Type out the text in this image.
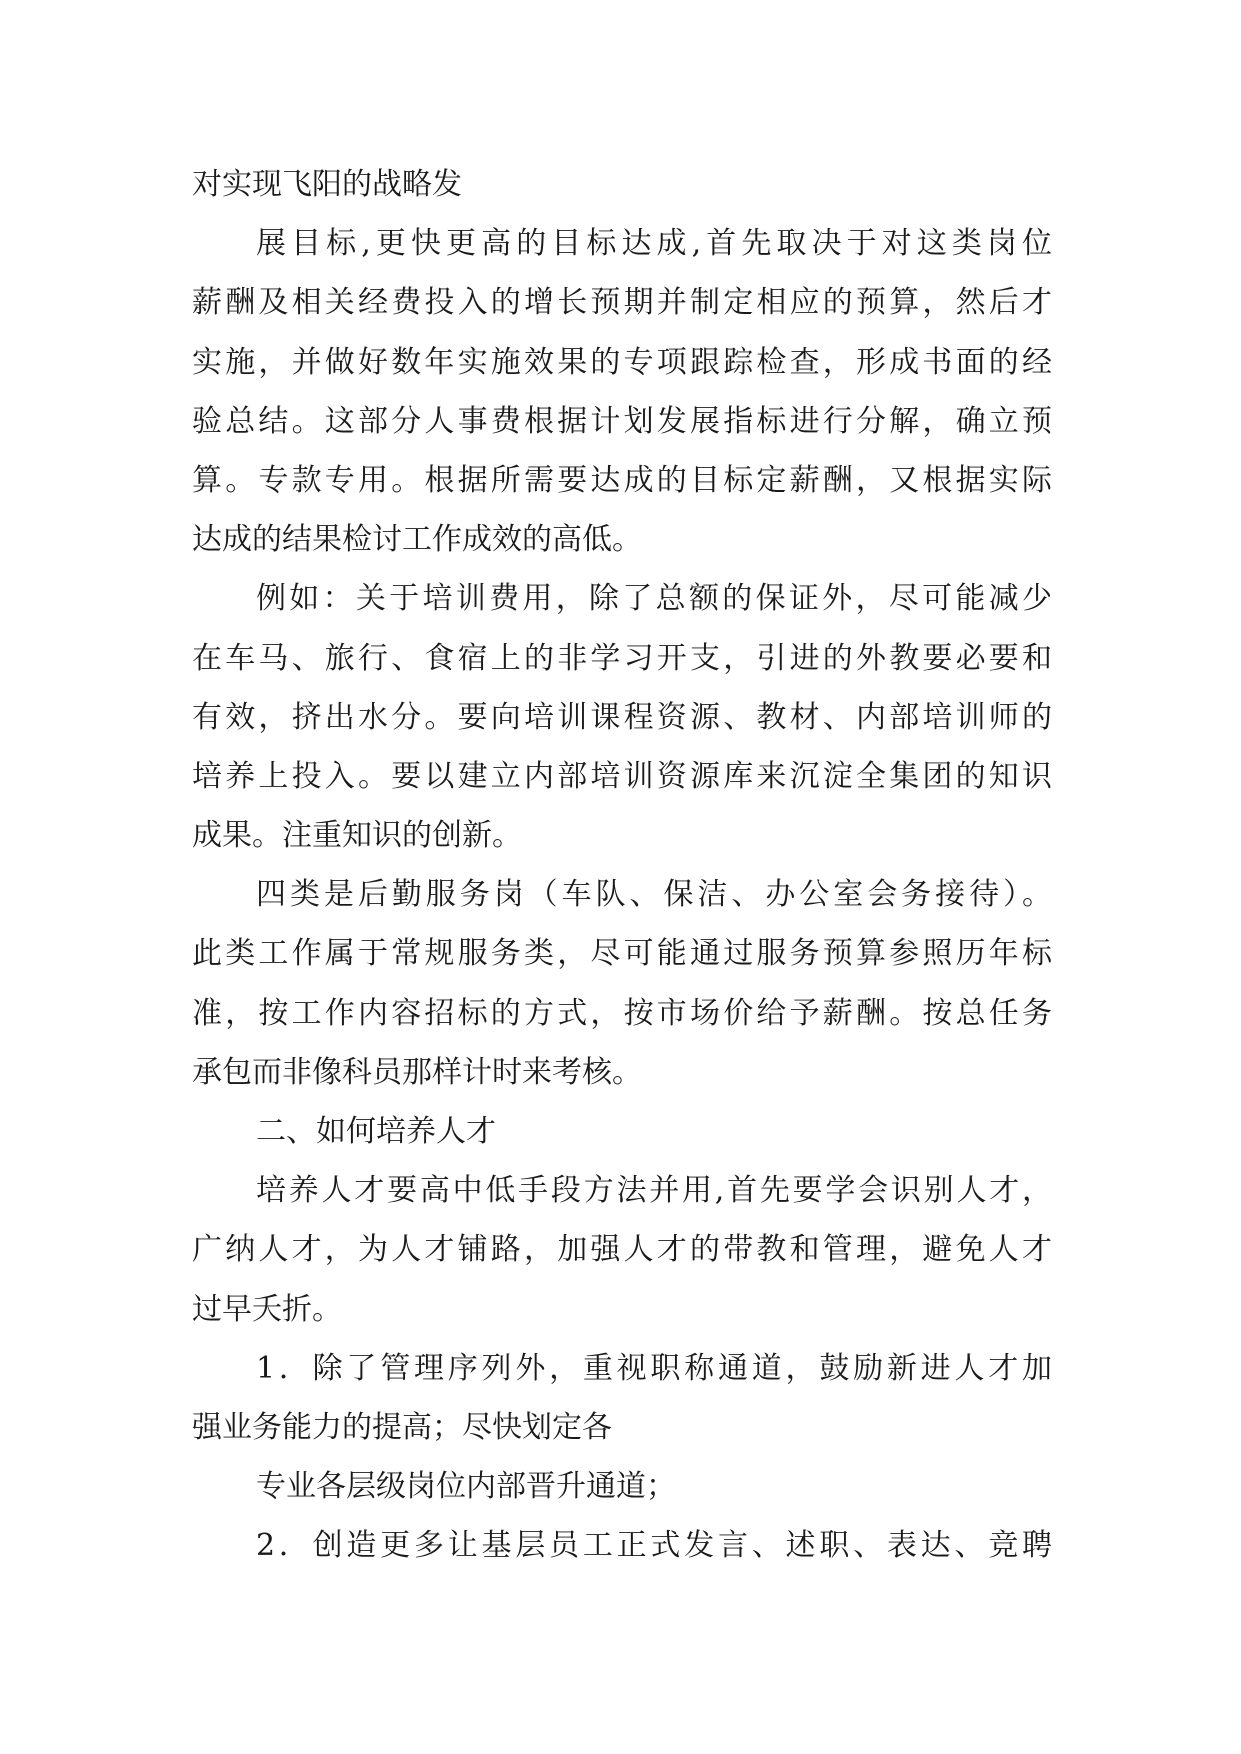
对实现飞阳的战略发
展目标,更快更高的目标达成,首先取决于对这类岗位
薪酬及相关经费投入的增长预期并制定相应的预算，然后才
实施，并做好数年实施效果的专项跟踪检查，形成书面的经
验总结。这部分人事费根据计划发展指标进行分解，确立预
算。专款专用。根据所需要达成的目标定薪酬，又根据实际
达成的结果检讨工作成效的高低。
例如：关于培训费用，除了总额的保证外，尽可能减少
在车马、旅行、食宿上的非学习开支，引进的外教要必要和
有效，挤出水分。要向培训课程资源、教材、内部培训师的
培养上投入。要以建立内部培训资源库来沉淀全集团的知识
成果。注重知识的创新。
四类是后勤服务岗（车队、保洁、办公室会务接待）。
此类工作属于常规服务类，尽可能通过服务预算参照历年标
准，按工作内容招标的方式，按市场价给予薪酬。按总任务
承包而非像科员那样计时来考核。
二、如何培养人才
培养人才要高中低手段方法并用,首先要学会识别人才，
广纳人才，为人才铺路，加强人才的带教和管理，避免人才
过早夭折。
1．除了管理序列外，重视职称通道，鼓励新进人才加
强业务能力的提高；尽快划定各
专业各层级岗位内部晋升通道；
2．创造更多让基层员工正式发言、述职、表达、竞聘
